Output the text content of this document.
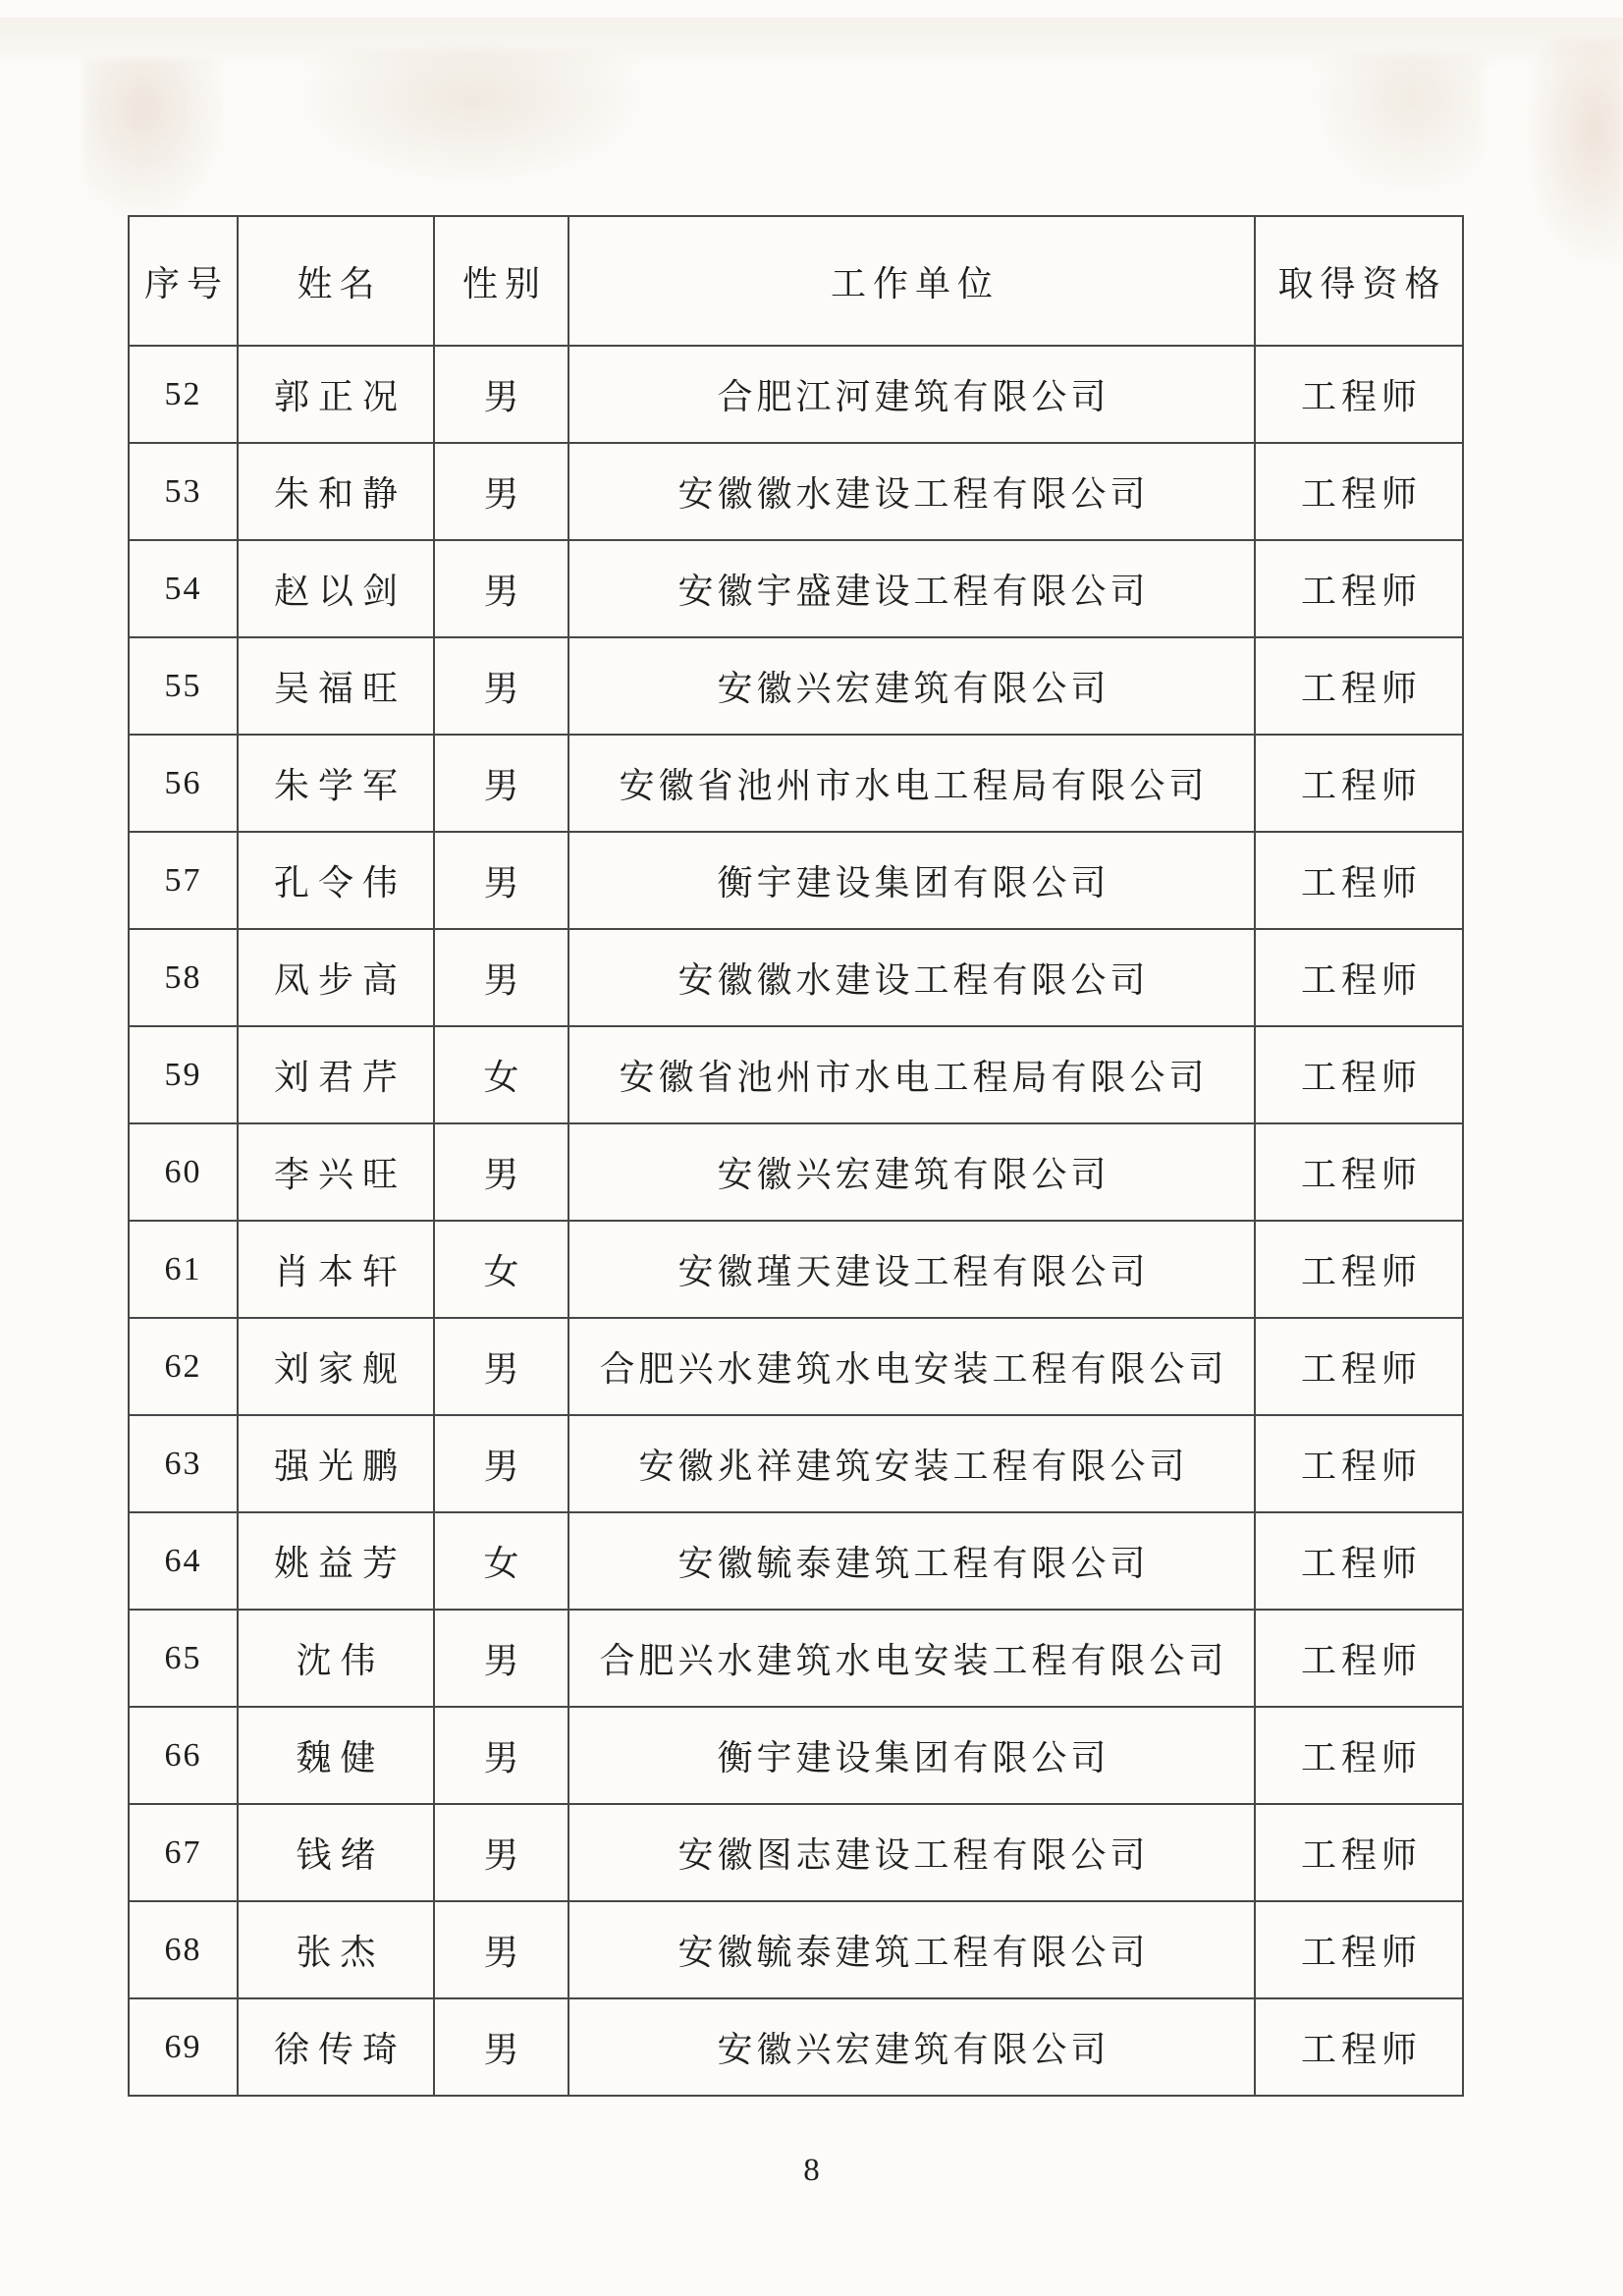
序号	姓名	性别	工作单位	取得资格
52	郭正况	男	合肥江河建筑有限公司	工程师
53	朱和静	男	安徽徽水建设工程有限公司	工程师
54	赵以剑	男	安徽宇盛建设工程有限公司	工程师
55	吴福旺	男	安徽兴宏建筑有限公司	工程师
56	朱学军	男	安徽省池州市水电工程局有限公司	工程师
57	孔令伟	男	衡宇建设集团有限公司	工程师
58	凤步高	男	安徽徽水建设工程有限公司	工程师
59	刘君芹	女	安徽省池州市水电工程局有限公司	工程师
60	李兴旺	男	安徽兴宏建筑有限公司	工程师
61	肖本轩	女	安徽瑾天建设工程有限公司	工程师
62	刘家舰	男	合肥兴水建筑水电安装工程有限公司	工程师
63	强光鹏	男	安徽兆祥建筑安装工程有限公司	工程师
64	姚益芳	女	安徽毓泰建筑工程有限公司	工程师
65	沈伟	男	合肥兴水建筑水电安装工程有限公司	工程师
66	魏健	男	衡宇建设集团有限公司	工程师
67	钱绪	男	安徽图志建设工程有限公司	工程师
68	张杰	男	安徽毓泰建筑工程有限公司	工程师
69	徐传琦	男	安徽兴宏建筑有限公司	工程师
8
